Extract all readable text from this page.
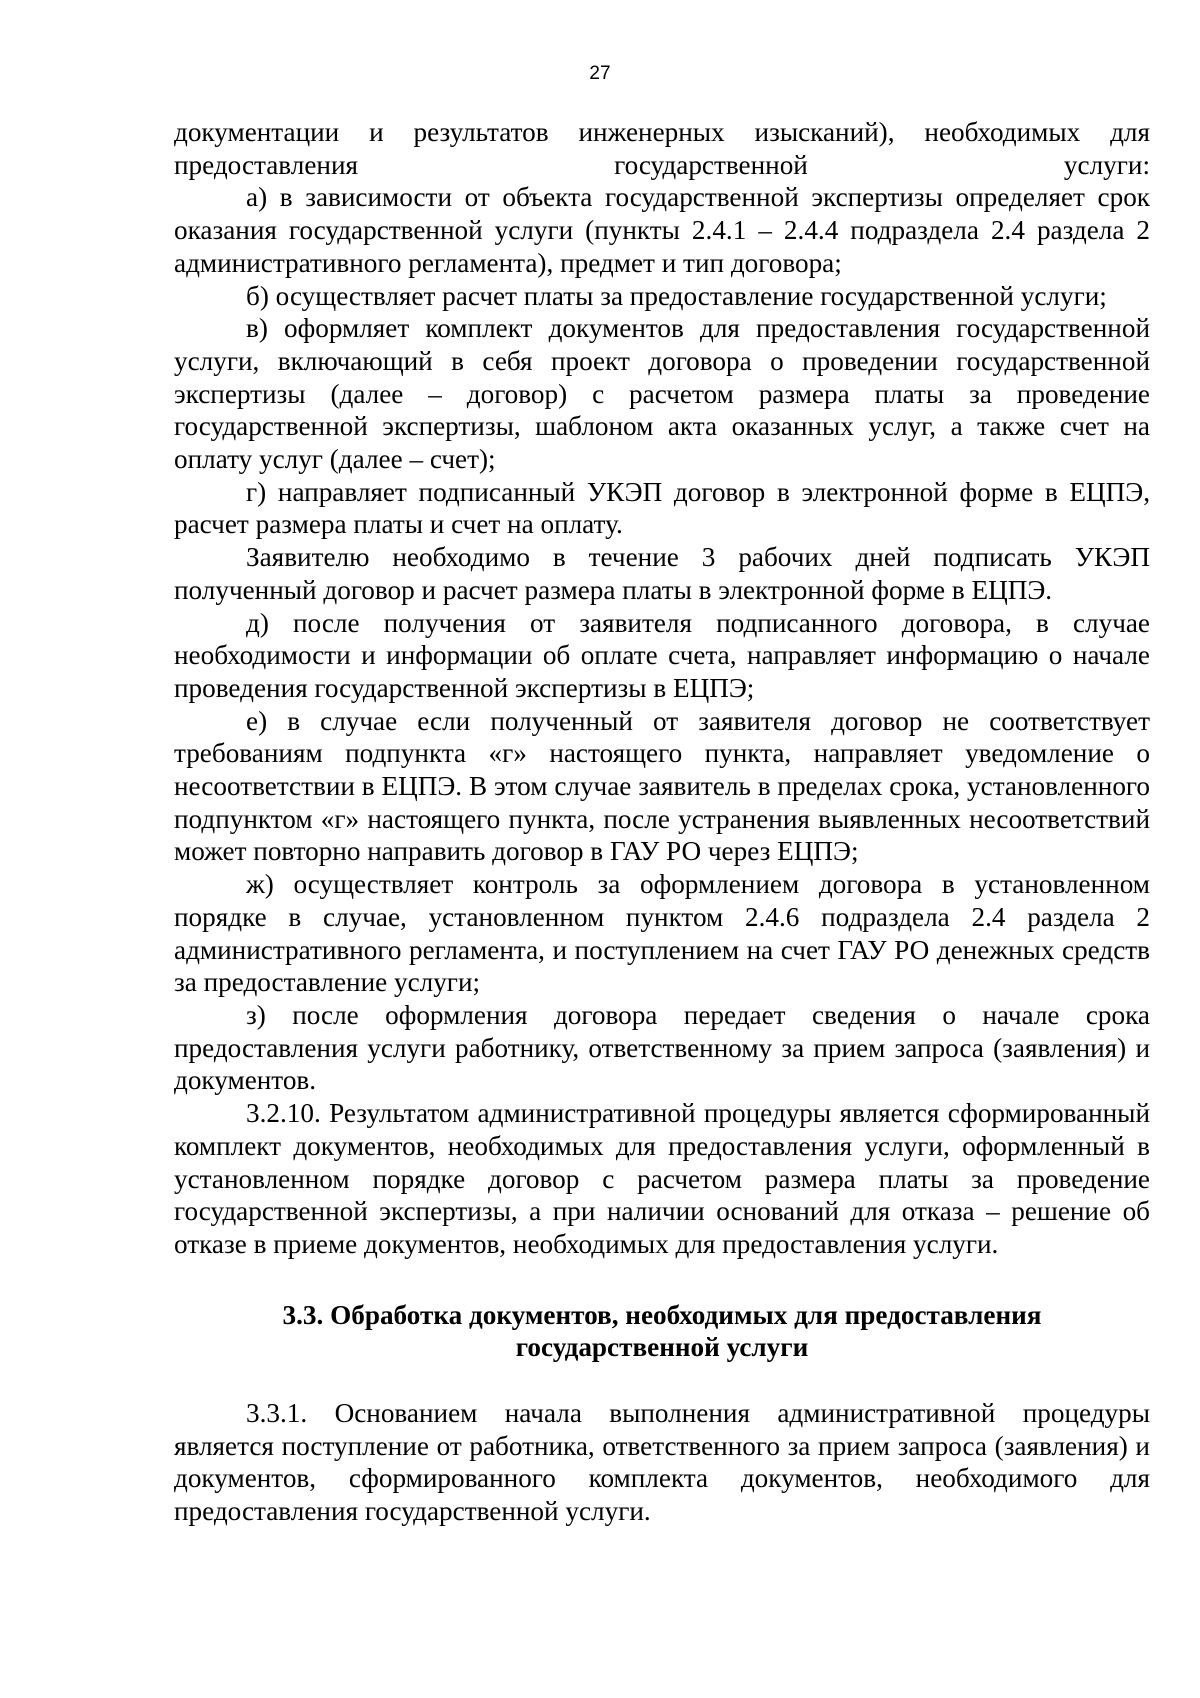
27

документации и результатов инженерных изысканий), необходимых для предоставления государственной услуги:

а) в зависимости от объекта государственной экспертизы определяет срок оказания государственной услуги (пункты 2.4.1 – 2.4.4 подраздела 2.4 раздела 2 административного регламента), предмет и тип договора;

б) осуществляет расчет платы за предоставление государственной услуги;

в) оформляет комплект документов для предоставления государственной услуги, включающий в себя проект договора о проведении государственной экспертизы (далее – договор) с расчетом размера платы за проведение государственной экспертизы, шаблоном акта оказанных услуг, а также счет на оплату услуг (далее – счет);

г) направляет подписанный УКЭП договор в электронной форме в ЕЦПЭ, расчет размера платы и счет на оплату.

Заявителю необходимо в течение 3 рабочих дней подписать УКЭП полученный договор и расчет размера платы в электронной форме в ЕЦПЭ.

д) после получения от заявителя подписанного договора, в случае необходимости и информации об оплате счета, направляет информацию о начале проведения государственной экспертизы в ЕЦПЭ;

е) в случае если полученный от заявителя договор не соответствует требованиям подпункта «г» настоящего пункта, направляет уведомление о несоответствии в ЕЦПЭ. В этом случае заявитель в пределах срока, установленного подпунктом «г» настоящего пункта, после устранения выявленных несоответствий может повторно направить договор в ГАУ РО через ЕЦПЭ;

ж) осуществляет контроль за оформлением договора в установленном порядке в случае, установленном пунктом 2.4.6 подраздела 2.4 раздела 2 административного регламента, и поступлением на счет ГАУ РО денежных средств за предоставление услуги;

з) после оформления договора передает сведения о начале срока предоставления услуги работнику, ответственному за прием запроса (заявления) и документов.

3.2.10. Результатом административной процедуры является сформированный комплект документов, необходимых для предоставления услуги, оформленный в установленном порядке договор с расчетом размера платы за проведение государственной экспертизы, а при наличии оснований для отказа – решение об отказе в приеме документов, необходимых для предоставления услуги.

3.3. Обработка документов, необходимых для предоставления
государственной услуги

3.3.1. Основанием начала выполнения административной процедуры является поступление от работника, ответственного за прием запроса (заявления) и документов, сформированного комплекта документов, необходимого для предоставления государственной услуги.
